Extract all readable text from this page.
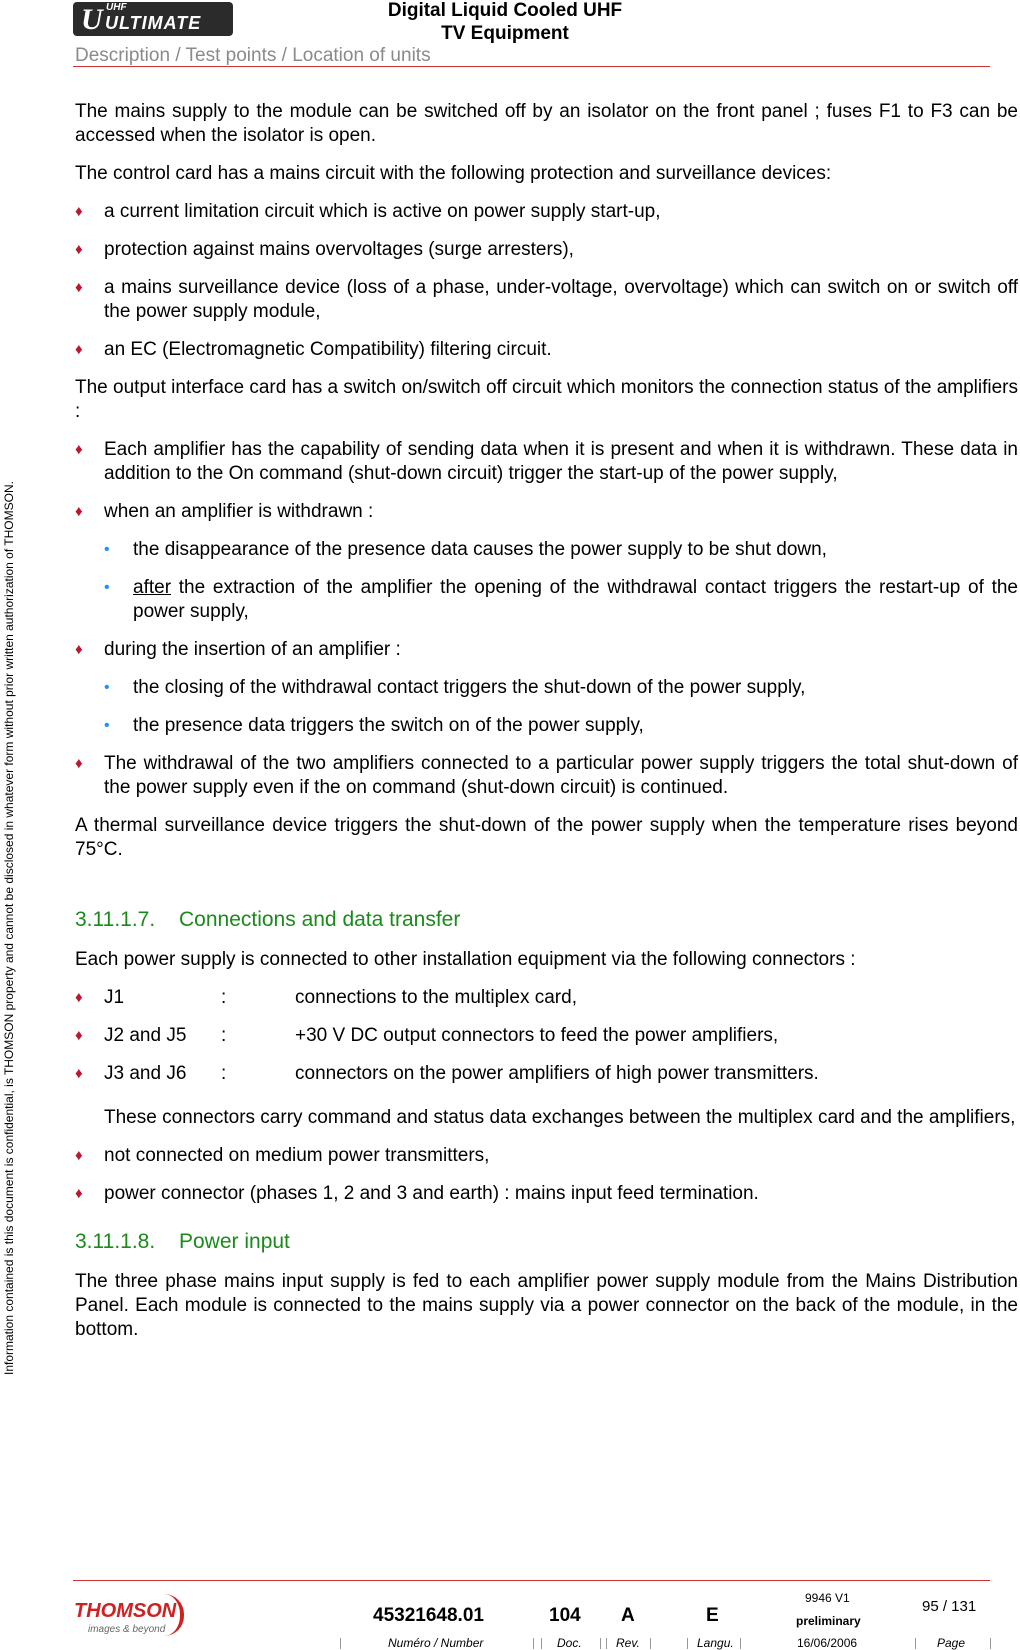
U UHF
ULTIMATE
Digital Liquid Cooled UHF
TV Equipment
Description / Test points / Location of units
Information contained is this document is confidential, is THOMSON property and cannot be disclosed in whatever form without prior written authorization of THOMSON.

The mains supply to the module can be switched off by an isolator on the front panel ; fuses F1 to F3 can be accessed when the isolator is open.

The control card has a mains circuit with the following protection and surveillance devices:

♦ a current limitation circuit which is active on power supply start-up,
♦ protection against mains overvoltages (surge arresters),
♦ a mains surveillance device (loss of a phase, under-voltage, overvoltage) which can switch on or switch off the power supply module,
♦ an EC (Electromagnetic Compatibility) filtering circuit.

The output interface card has a switch on/switch off circuit which monitors the connection status of the amplifiers :

♦ Each amplifier has the capability of sending data when it is present and when it is withdrawn. These data in addition to the On command (shut-down circuit) trigger the start-up of the power supply,
♦ when an amplifier is withdrawn :
• the disappearance of the presence data causes the power supply to be shut down,
• after the extraction of the amplifier the opening of the withdrawal contact triggers the restart-up of the power supply,
♦ during the insertion of an amplifier :
• the closing of the withdrawal contact triggers the shut-down of the power supply,
• the presence data triggers the switch on of the power supply,
♦ The withdrawal of the two amplifiers connected to a particular power supply triggers the total shut-down of the power supply even if the on command (shut-down circuit) is continued.

A thermal surveillance device triggers the shut-down of the power supply when the temperature rises beyond 75°C.

3.11.1.7. Connections and data transfer

Each power supply is connected to other installation equipment via the following connectors :

♦ J1	:	connections to the multiplex card,
♦ J2 and J5 :	+30 V DC output connectors to feed the power amplifiers,
♦ J3 and J6 :	connectors on the power amplifiers of high power transmitters.
These connectors carry command and status data exchanges between the multiplex card and the amplifiers,
♦ not connected on medium power transmitters,
♦ power connector (phases 1, 2 and 3 and earth) : mains input feed termination.
3.11.1.8. Power input

The three phase mains input supply is fed to each amplifier power supply module from the Mains Distribution Panel. Each module is connected to the mains supply via a power connector on the back of the module, in the bottom.

THOMSON
images & beyond
45321648.01	104 A	E
9946 V1
preliminary
95 / 131
Numéro / Number	Doc.	Rev.	Langu.	16/06/2006	Page
